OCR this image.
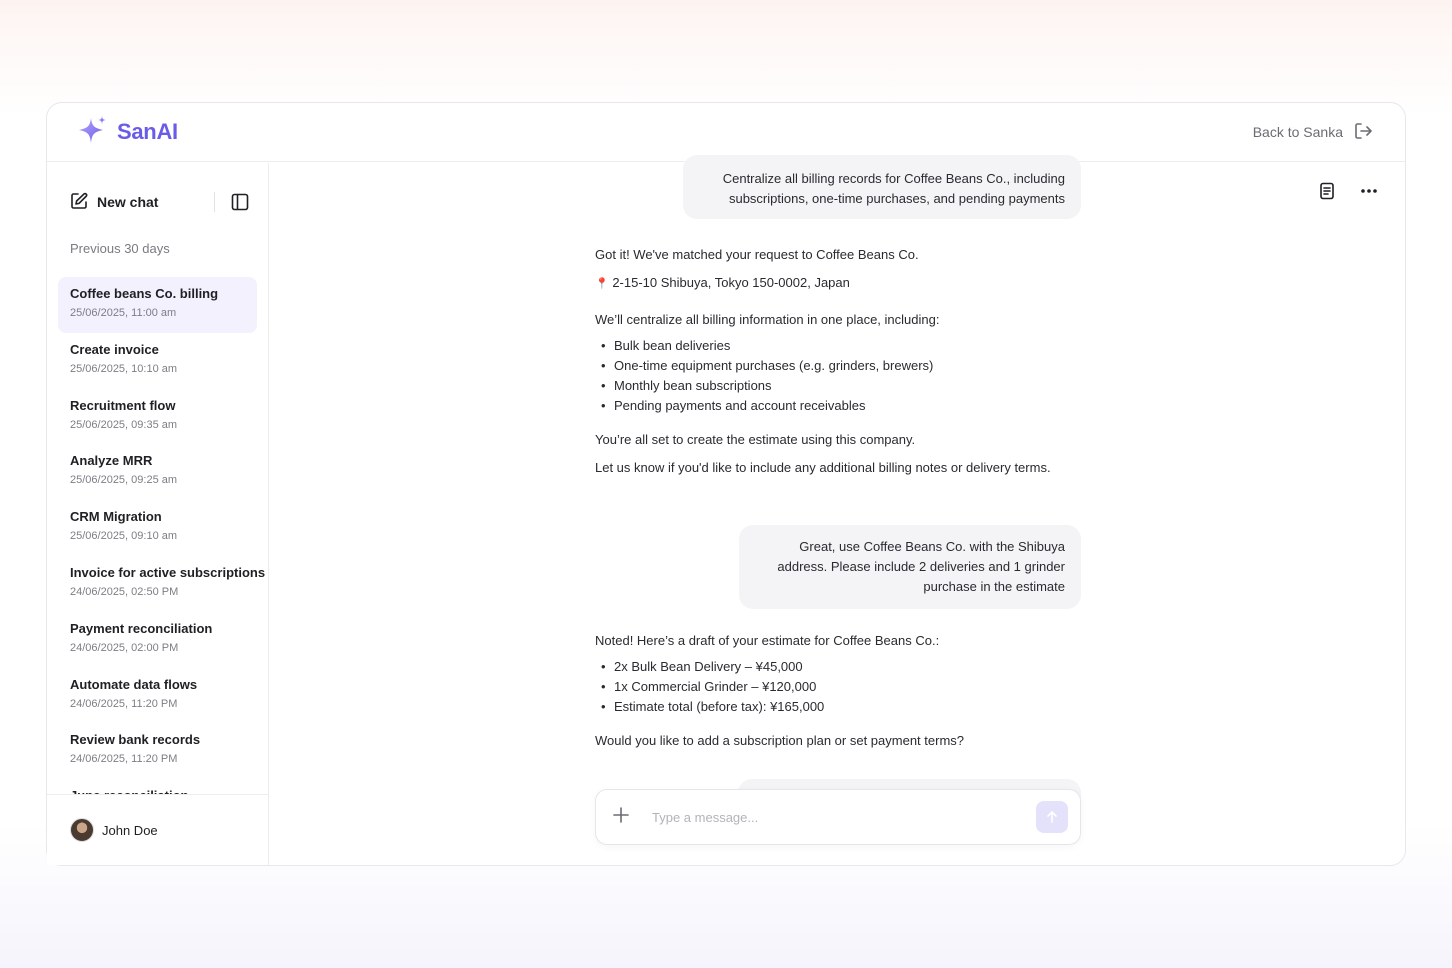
SanAI	Back to Sanka
New chat
Previous 30 days
Coffee beans Co. billing
25/06/2025, 11:00 am
Create invoice
25/06/2025, 10:10 am
Recruitment flow
25/06/2025, 09:35 am
Analyze MRR
25/06/2025, 09:25 am
CRM Migration
25/06/2025, 09:10 am
Invoice for active subscriptions
24/06/2025, 02:50 PM
Payment reconciliation
24/06/2025, 02:00 PM
Automate data flows
24/06/2025, 11:20 PM
Review bank records
24/06/2025, 11:20 PM
John Doe
Centralize all billing records for Coffee Beans Co., including subscriptions, one-time purchases, and pending payments

Got it! We've matched your request to Coffee Beans Co.

📍 2-15-10 Shibuya, Tokyo 150-0002, Japan

We’ll centralize all billing information in one place, including:

• Bulk bean deliveries
• One-time equipment purchases (e.g. grinders, brewers)
• Monthly bean subscriptions
• Pending payments and account receivables

You’re all set to create the estimate using this company.

Let us know if you'd like to include any additional billing notes or delivery terms.

Great, use Coffee Beans Co. with the Shibuya address. Please include 2 deliveries and 1 grinder purchase in the estimate

Noted! Here’s a draft of your estimate for Coffee Beans Co.:

• 2x Bulk Bean Delivery – ¥45,000
• 1x Commercial Grinder – ¥120,000
• Estimate total (before tax): ¥165,000

Would you like to add a subscription plan or set payment terms?

Type a message...
